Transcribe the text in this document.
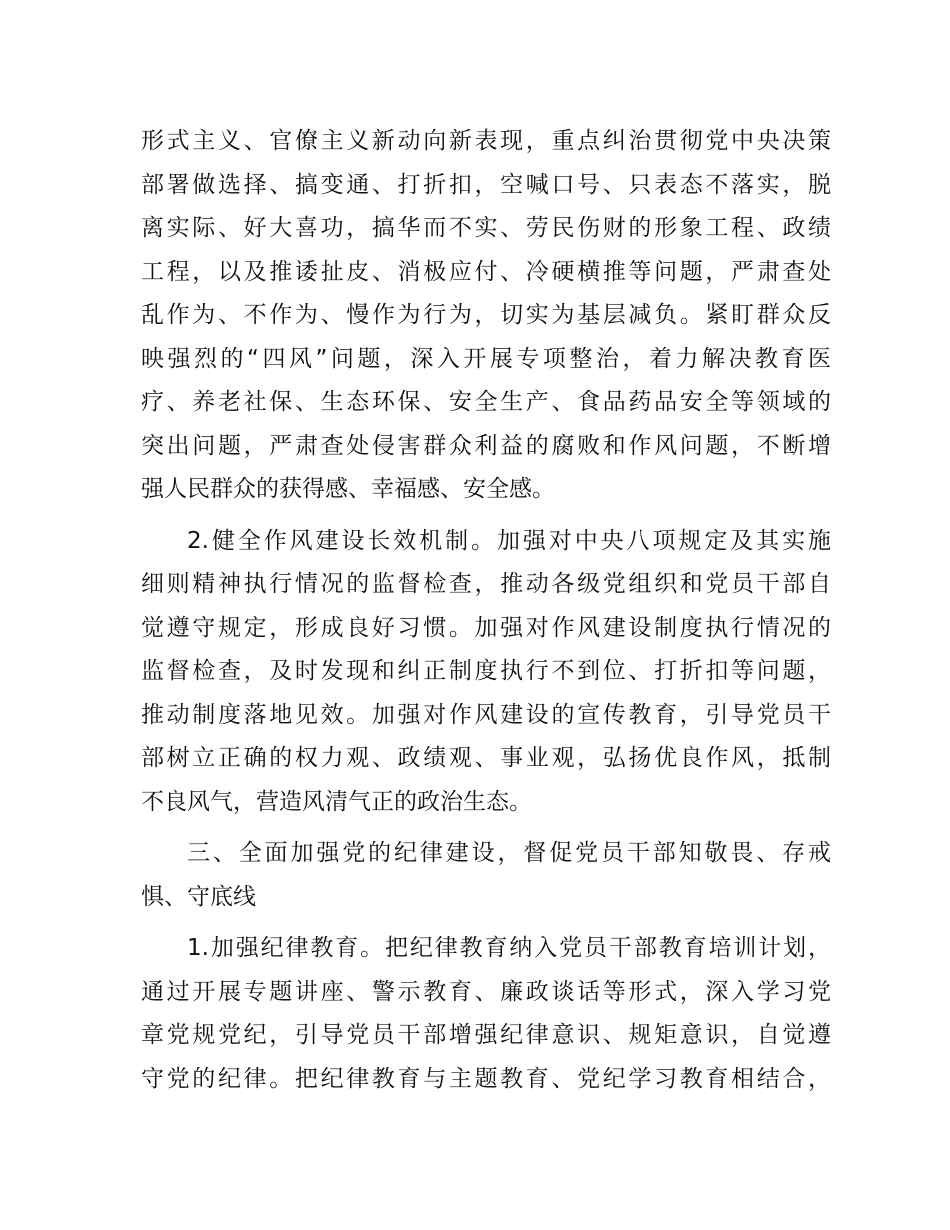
形式主义、官僚主义新动向新表现，重点纠治贯彻党中央决策
部署做选择、搞变通、打折扣，空喊口号、只表态不落实，脱
离实际、好大喜功，搞华而不实、劳民伤财的形象工程、政绩
工程，以及推诿扯皮、消极应付、冷硬横推等问题，严肃查处
乱作为、不作为、慢作为行为，切实为基层减负。紧盯群众反
映强烈的“四风”问题，深入开展专项整治，着力解决教育医
疗、养老社保、生态环保、安全生产、食品药品安全等领域的
突出问题，严肃查处侵害群众利益的腐败和作风问题，不断增
强人民群众的获得感、幸福感、安全感。
2.健全作风建设长效机制。加强对中央八项规定及其实施
细则精神执行情况的监督检查，推动各级党组织和党员干部自
觉遵守规定，形成良好习惯。加强对作风建设制度执行情况的
监督检查，及时发现和纠正制度执行不到位、打折扣等问题，
推动制度落地见效。加强对作风建设的宣传教育，引导党员干
部树立正确的权力观、政绩观、事业观，弘扬优良作风，抵制
不良风气，营造风清气正的政治生态。
三、全面加强党的纪律建设，督促党员干部知敬畏、存戒
惧、守底线
1.加强纪律教育。把纪律教育纳入党员干部教育培训计划，
通过开展专题讲座、警示教育、廉政谈话等形式，深入学习党
章党规党纪，引导党员干部增强纪律意识、规矩意识，自觉遵
守党的纪律。把纪律教育与主题教育、党纪学习教育相结合，
